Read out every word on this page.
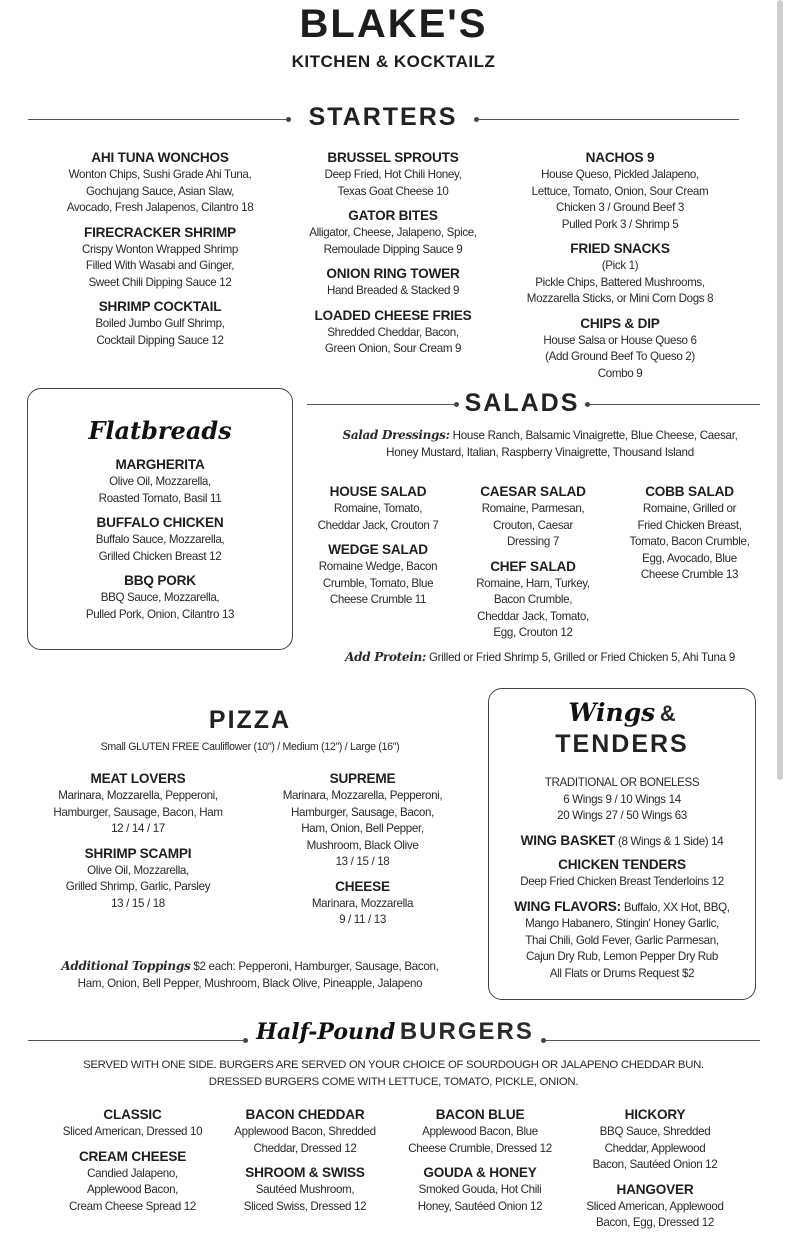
BLAKE'S
KITCHEN & KOCKTAILZ
STARTERS
AHI TUNA WONCHOS
Wonton Chips, Sushi Grade Ahi Tuna,
Gochujang Sauce, Asian Slaw,
Avocado, Fresh Jalapenos, Cilantro 18
FIRECRACKER SHRIMP
Crispy Wonton Wrapped Shrimp
Filled With Wasabi and Ginger,
Sweet Chili Dipping Sauce 12
SHRIMP COCKTAIL
Boiled Jumbo Gulf Shrimp,
Cocktail Dipping Sauce 12
BRUSSEL SPROUTS
Deep Fried, Hot Chili Honey,
Texas Goat Cheese 10
GATOR BITES
Alligator, Cheese, Jalapeno, Spice,
Remoulade Dipping Sauce 9
ONION RING TOWER
Hand Breaded & Stacked 9
LOADED CHEESE FRIES
Shredded Cheddar, Bacon,
Green Onion, Sour Cream 9
NACHOS 9
House Queso, Pickled Jalapeno,
Lettuce, Tomato, Onion, Sour Cream
Chicken 3 / Ground Beef 3
Pulled Pork 3 / Shrimp 5
FRIED SNACKS
(Pick 1)
Pickle Chips, Battered Mushrooms,
Mozzarella Sticks, or Mini Corn Dogs 8
CHIPS & DIP
House Salsa or House Queso 6
(Add Ground Beef To Queso 2)
Combo 9
Flatbreads
MARGHERITA
Olive Oil, Mozzarella,
Roasted Tomato, Basil 11
BUFFALO CHICKEN
Buffalo Sauce, Mozzarella,
Grilled Chicken Breast 12
BBQ PORK
BBQ Sauce, Mozzarella,
Pulled Pork, Onion, Cilantro 13
SALADS
Salad Dressings: House Ranch, Balsamic Vinaigrette, Blue Cheese, Caesar,
Honey Mustard, Italian, Raspberry Vinaigrette, Thousand Island
HOUSE SALAD
Romaine, Tomato,
Cheddar Jack, Crouton 7
WEDGE SALAD
Romaine Wedge, Bacon
Crumble, Tomato, Blue
Cheese Crumble 11
CAESAR SALAD
Romaine, Parmesan,
Crouton, Caesar
Dressing 7
CHEF SALAD
Romaine, Ham, Turkey,
Bacon Crumble,
Cheddar Jack, Tomato,
Egg, Crouton 12
COBB SALAD
Romaine, Grilled or
Fried Chicken Breast,
Tomato, Bacon Crumble,
Egg, Avocado, Blue
Cheese Crumble 13
Add Protein: Grilled or Fried Shrimp 5, Grilled or Fried Chicken 5, Ahi Tuna 9
PIZZA
Small GLUTEN FREE Cauliflower (10") / Medium (12") / Large (16")
MEAT LOVERS
Marinara, Mozzarella, Pepperoni,
Hamburger, Sausage, Bacon, Ham
12 / 14 / 17
SHRIMP SCAMPI
Olive Oil, Mozzarella,
Grilled Shrimp, Garlic, Parsley
13 / 15 / 18
SUPREME
Marinara, Mozzarella, Pepperoni,
Hamburger, Sausage, Bacon,
Ham, Onion, Bell Pepper,
Mushroom, Black Olive
13 / 15 / 18
CHEESE
Marinara, Mozzarella
9 / 11 / 13
Additional Toppings $2 each: Pepperoni, Hamburger, Sausage, Bacon,
Ham, Onion, Bell Pepper, Mushroom, Black Olive, Pineapple, Jalapeno
Wings &
TENDERS
TRADITIONAL OR BONELESS
6 Wings 9 / 10 Wings 14
20 Wings 27 / 50 Wings 63
WING BASKET (8 Wings & 1 Side) 14
CHICKEN TENDERS
Deep Fried Chicken Breast Tenderloins 12
WING FLAVORS: Buffalo, XX Hot, BBQ,
Mango Habanero, Stingin' Honey Garlic,
Thai Chili, Gold Fever, Garlic Parmesan,
Cajun Dry Rub, Lemon Pepper Dry Rub
All Flats or Drums Request $2
Half-Pound BURGERS
SERVED WITH ONE SIDE. BURGERS ARE SERVED ON YOUR CHOICE OF SOURDOUGH OR JALAPENO CHEDDAR BUN.
DRESSED BURGERS COME WITH LETTUCE, TOMATO, PICKLE, ONION.
CLASSIC
Sliced American, Dressed 10
CREAM CHEESE
Candied Jalapeno,
Applewood Bacon,
Cream Cheese Spread 12
BACON CHEDDAR
Applewood Bacon, Shredded
Cheddar, Dressed 12
SHROOM & SWISS
Sautéed Mushroom,
Sliced Swiss, Dressed 12
BACON BLUE
Applewood Bacon, Blue
Cheese Crumble, Dressed 12
GOUDA & HONEY
Smoked Gouda, Hot Chili
Honey, Sautéed Onion 12
HICKORY
BBQ Sauce, Shredded
Cheddar, Applewood
Bacon, Sautéed Onion 12
HANGOVER
Sliced American, Applewood
Bacon, Egg, Dressed 12
